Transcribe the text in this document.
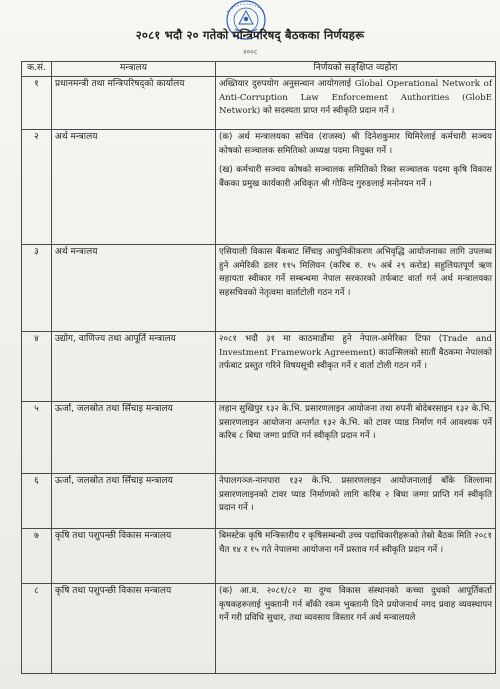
२०८१ भदौ २० गतेको मन्त्रिपरिषद् बैठकका निर्णयहरू
२००८
क.सं.	मन्त्रालय	निर्णयको सङ्क्षिप्त व्यहोरा
१	प्रधानमन्त्री तथा मन्त्रिपरिषद्को कार्यालय	अख्तियार दुरुपयोग अनुसन्धान आयोगलाई Global Operational Network of Anti-Corruption Law Enforcement Authorities (GlobE Network) को सदस्यता प्राप्त गर्न स्वीकृति प्रदान गर्ने ।
२	अर्थ मन्त्रालय	(क) अर्थ मन्त्रालयका सचिव (राजस्व) श्री दिनेशकुमार घिमिरेलाई कर्मचारी सञ्चय कोषको सञ्चालक समितिको अध्यक्ष पदमा नियुक्त गर्ने ।
(ख) कर्मचारी सञ्चय कोषको सञ्चालक समितिको रिक्त सञ्चालक पदमा कृषि विकास बैंकका प्रमुख कार्यकारी अधिकृत श्री गोविन्द गुरुङलाई मनोनयन गर्ने ।

३	अर्थ मन्त्रालय	एसियाली विकास बैंकबाट सिँचाइ आधुनिकीकरण अभिवृद्धि आयोजनाका लागि उपलब्ध हुने अमेरिकी डलर ११५ मिलियन (करिब रु. १५ अर्ब २९ करोड) सहुलियतपूर्ण ऋण सहायता स्वीकार गर्ने सम्बन्धमा नेपाल सरकारको तर्फबाट वार्ता गर्न अर्थ मन्त्रालयका सहसचिवको नेतृत्वमा वार्ताटोली गठन गर्ने ।
४	उद्योग, वाणिज्य तथा आपूर्ति मन्त्रालय	२०८१ भदौ ३१ मा काठमाडौंमा हुने नेपाल-अमेरिका टिफा (Trade and Investment Framework Agreement) काउन्सिलको सातौं बैठकमा नेपालको तर्फबाट प्रस्तुत गरिने विषयसूची स्वीकृत गर्ने र वार्ता टोली गठन गर्ने ।
५	ऊर्जा, जलस्रोत तथा सिँचाइ मन्त्रालय	लहान सुखिपुर १३२ के.भि. प्रसारणलाइन आयोजना तथा रुपनी बोदेबरसाइन १३२ के.भि. प्रसारणलाइन आयोजना अन्तर्गत १३२ के.भि. को टावर प्याड निर्माण गर्न आवश्यक पर्ने करिब ८ बिघा जग्गा प्राप्ति गर्न स्वीकृति प्रदान गर्ने ।
६	ऊर्जा, जलस्रोत तथा सिँचाइ मन्त्रालय	नेपालगञ्ज-नानपारा १३२ के.भि. प्रसारणलाइन आयोजनालाई बाँके जिल्लामा प्रसारणलाइनको टावर प्याड निर्माणको लागि करिब २ बिघा जग्गा प्राप्ति गर्न स्वीकृति प्रदान गर्ने ।
७	कृषि तथा पशुपन्छी विकास मन्त्रालय	बिमस्टेक कृषि मन्त्रिस्तरीय र कृषिसम्बन्धी उच्च पदाधिकारीहरूको तेस्रो बैठक मिति २०८१ चैत १४ र १५ गते नेपालमा आयोजना गर्ने प्रस्ताव गर्न स्वीकृति प्रदान गर्ने ।
८	कृषि तथा पशुपन्छी विकास मन्त्रालय	(क) आ.व. २०८१/८२ मा दुग्ध विकास संस्थानको कच्चा दुधको आपूर्तिकर्ता कृषकहरूलाई भुक्तानी गर्न बाँकी रकम भुक्तानी दिने प्रयोजनार्थ नगद प्रवाह व्यवस्थापन गर्ने गरी प्रविधि सुधार, तथा व्यवसाय विस्तार गर्न अर्थ मन्त्रालयले
